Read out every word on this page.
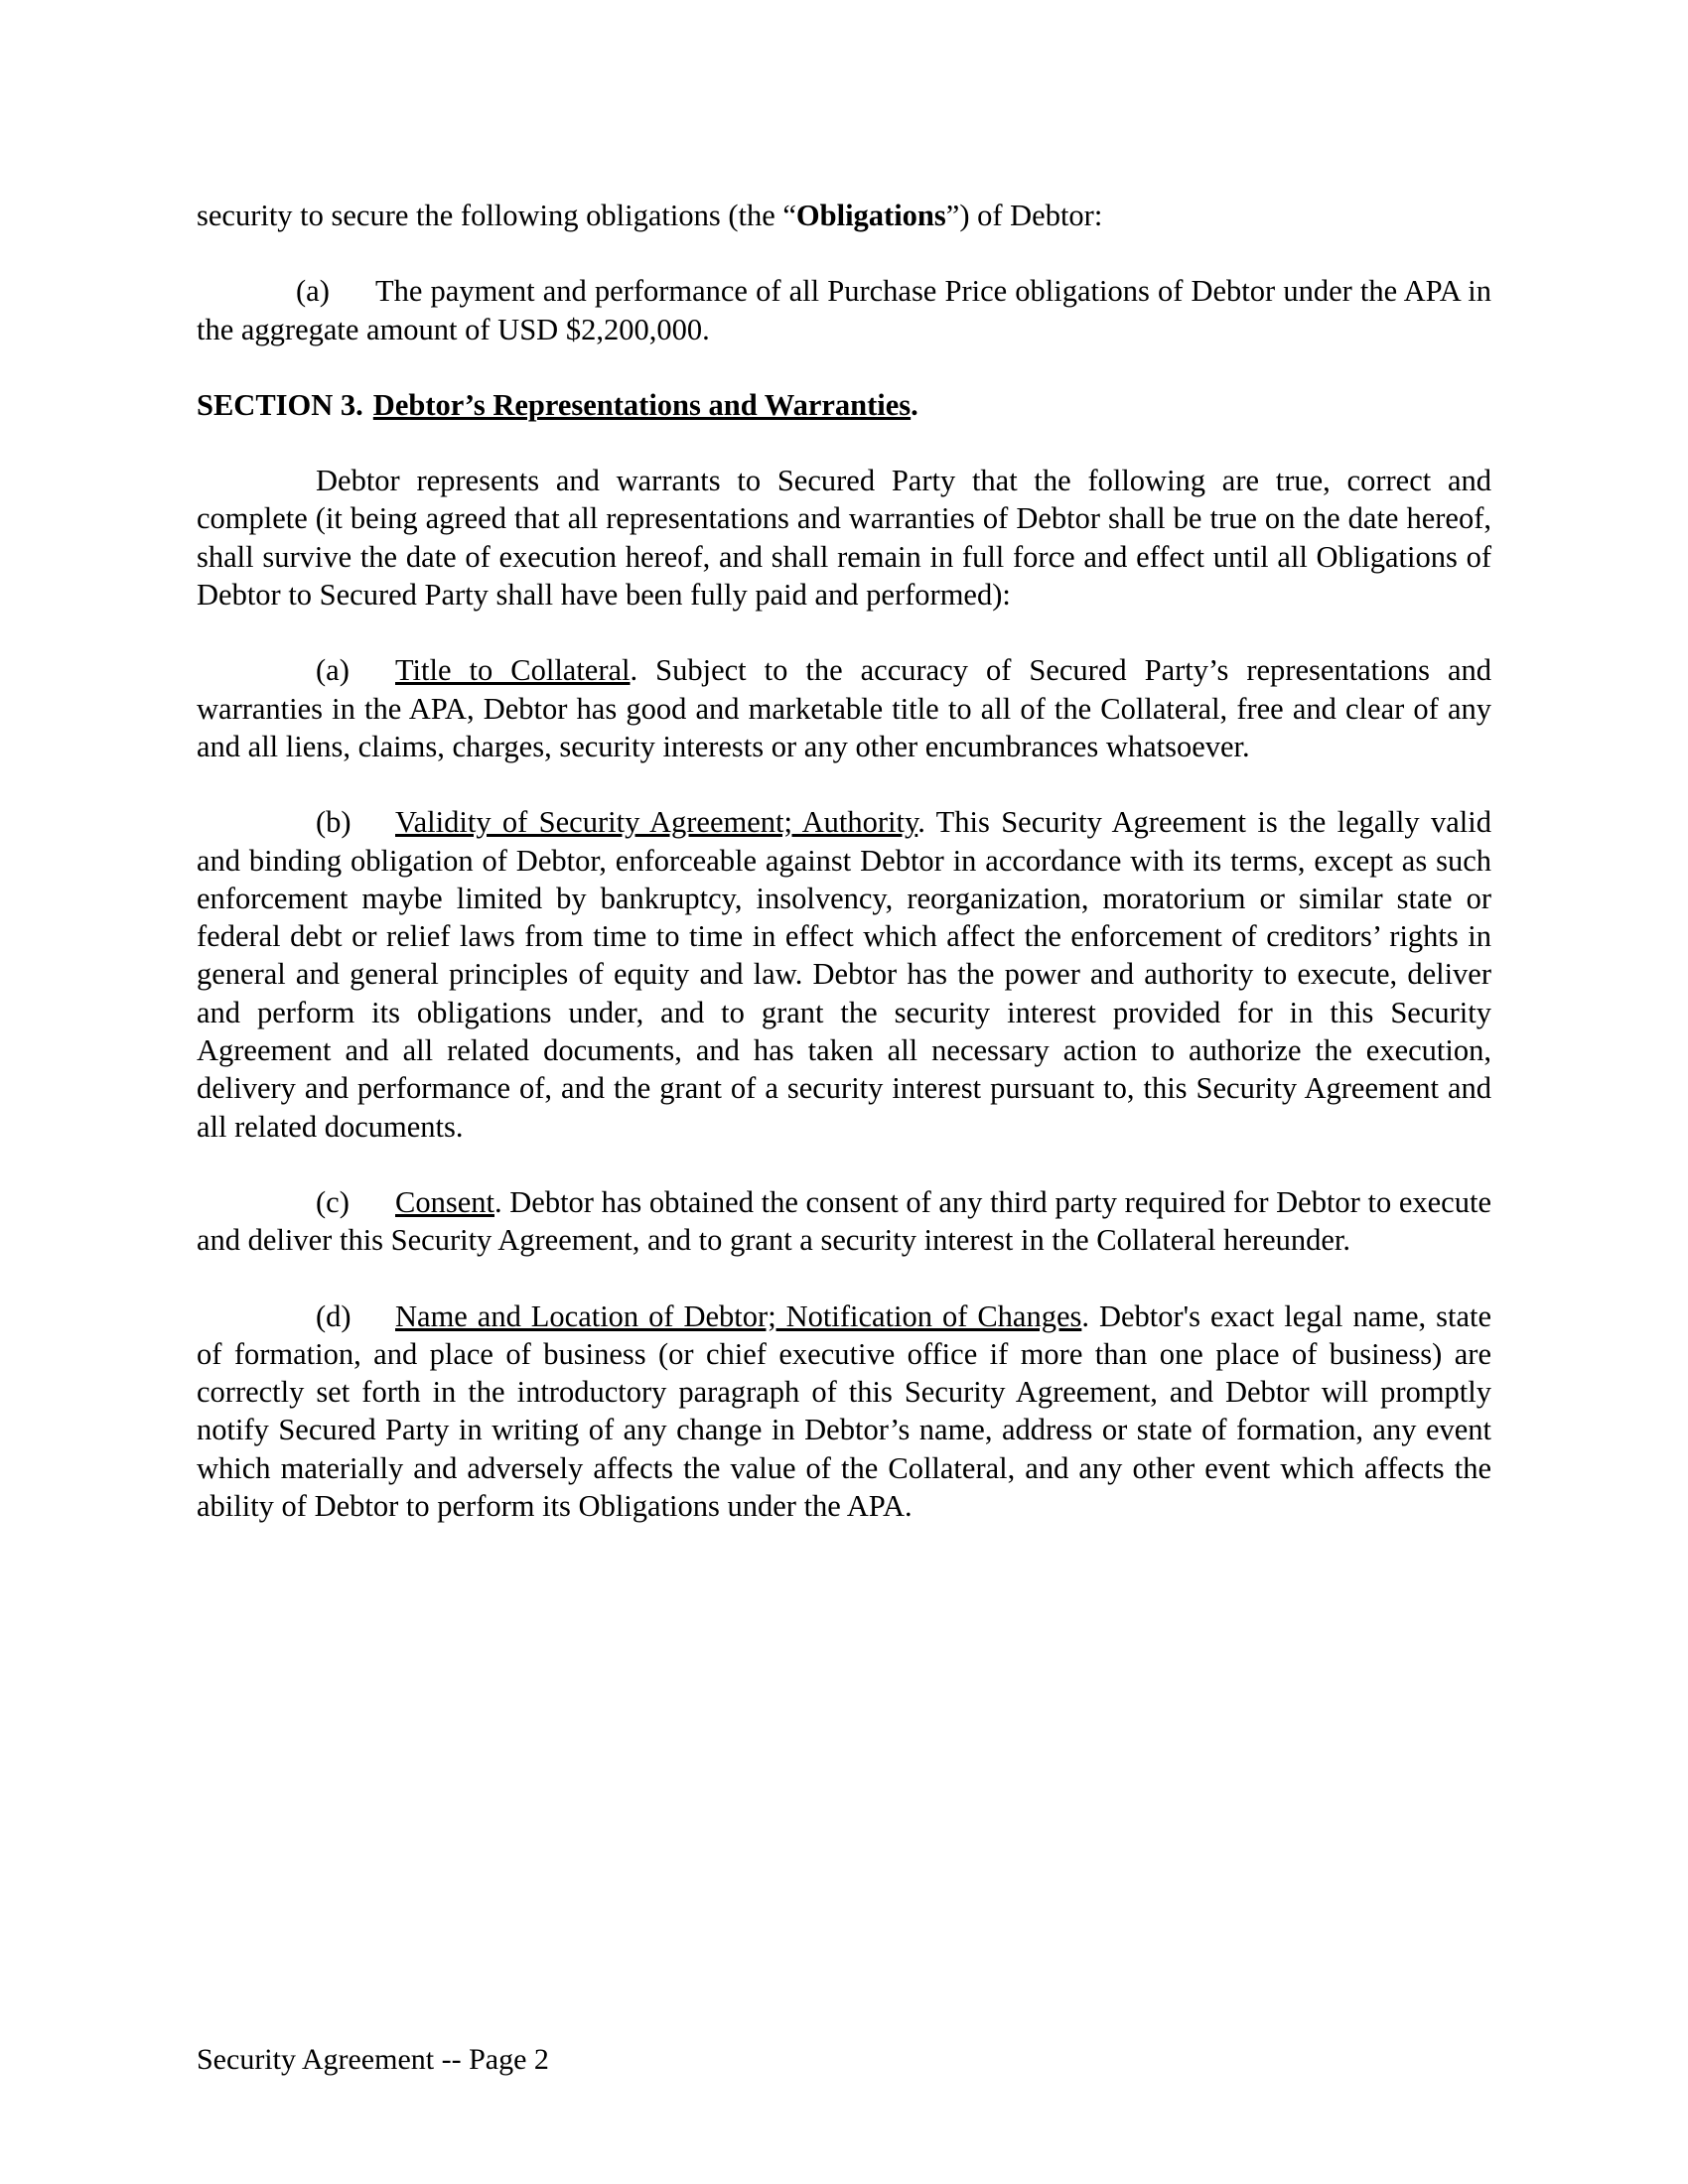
security to secure the following obligations (the “Obligations”) of Debtor:

(a) The payment and performance of all Purchase Price obligations of Debtor under the APA in the aggregate amount of USD $2,200,000.

SECTION 3. Debtor’s Representations and Warranties.

Debtor represents and warrants to Secured Party that the following are true, correct and complete (it being agreed that all representations and warranties of Debtor shall be true on the date hereof, shall survive the date of execution hereof, and shall remain in full force and effect until all Obligations of Debtor to Secured Party shall have been fully paid and performed):

(a) Title to Collateral. Subject to the accuracy of Secured Party’s representations and warranties in the APA, Debtor has good and marketable title to all of the Collateral, free and clear of any and all liens, claims, charges, security interests or any other encumbrances whatsoever.

(b) Validity of Security Agreement; Authority. This Security Agreement is the legally valid and binding obligation of Debtor, enforceable against Debtor in accordance with its terms, except as such enforcement maybe limited by bankruptcy, insolvency, reorganization, moratorium or similar state or federal debt or relief laws from time to time in effect which affect the enforcement of creditors’ rights in general and general principles of equity and law. Debtor has the power and authority to execute, deliver and perform its obligations under, and to grant the security interest provided for in this Security Agreement and all related documents, and has taken all necessary action to authorize the execution, delivery and performance of, and the grant of a security interest pursuant to, this Security Agreement and all related documents.

(c) Consent. Debtor has obtained the consent of any third party required for Debtor to execute and deliver this Security Agreement, and to grant a security interest in the Collateral hereunder.

(d) Name and Location of Debtor; Notification of Changes. Debtor's exact legal name, state of formation, and place of business (or chief executive office if more than one place of business) are correctly set forth in the introductory paragraph of this Security Agreement, and Debtor will promptly notify Secured Party in writing of any change in Debtor’s name, address or state of formation, any event which materially and adversely affects the value of the Collateral, and any other event which affects the ability of Debtor to perform its Obligations under the APA.

Security Agreement -- Page 2
